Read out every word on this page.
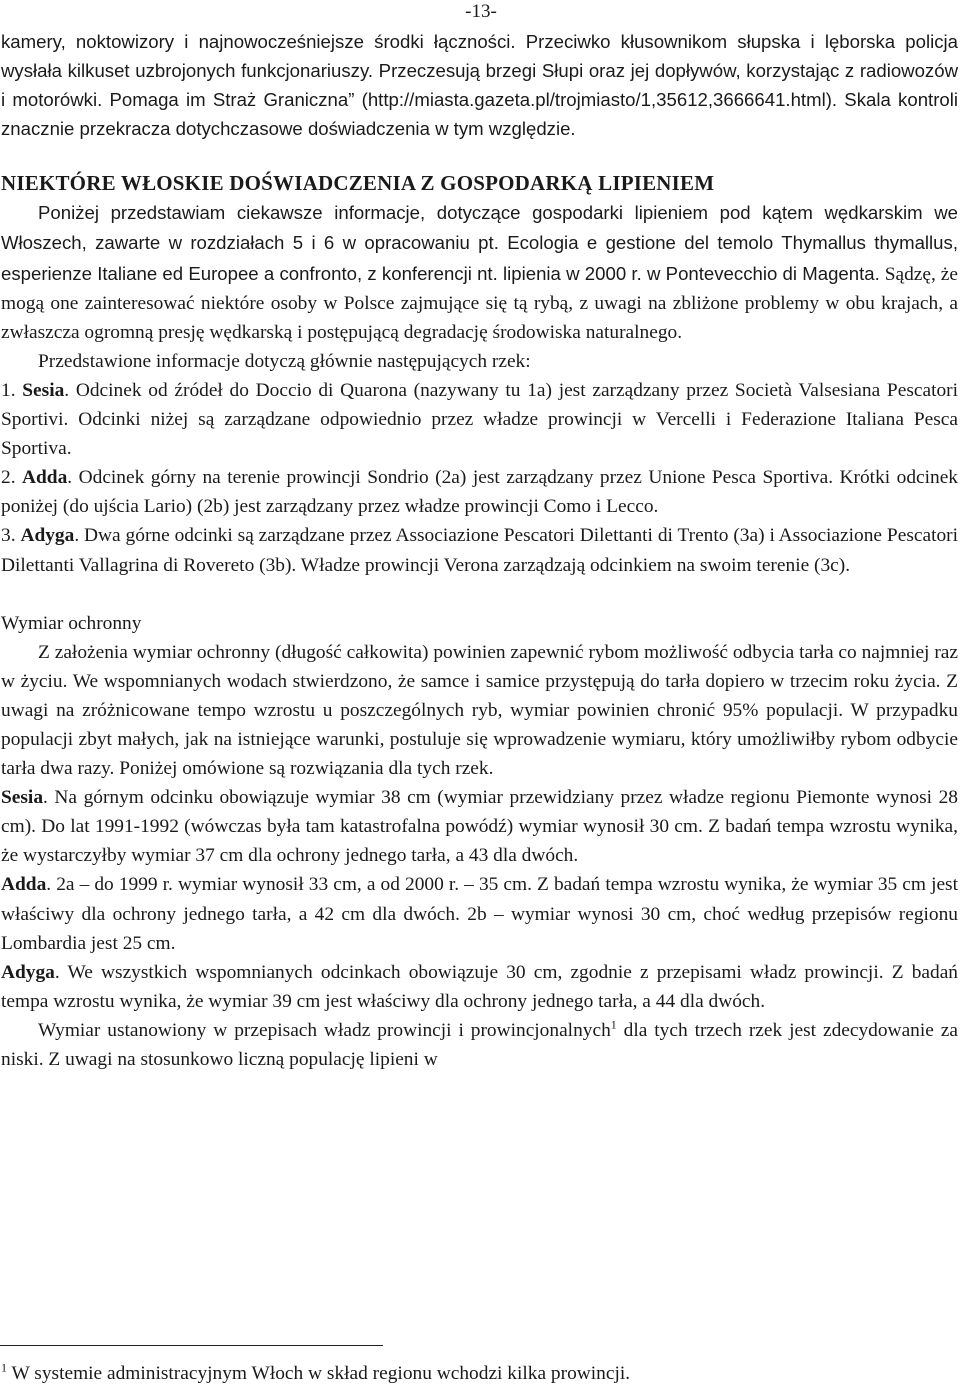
-13-

kamery, noktowizory i najnowocześniejsze środki łączności. Przeciwko kłusownikom słupska i lęborska policja wysłała kilkuset uzbrojonych funkcjonariuszy. Przeczesują brzegi Słupi oraz jej dopływów, korzystając z radiowozów i motorówki. Pomaga im Straż Graniczna” (http://miasta.gazeta.pl/trojmiasto/1,35612,3666641.html). Skala kontroli znacznie przekracza dotychczasowe doświadczenia w tym względzie.

NIEKTÓRE WŁOSKIE DOŚWIADCZENIA Z GOSPODARKĄ LIPIENIEM

Poniżej przedstawiam ciekawsze informacje, dotyczące gospodarki lipieniem pod kątem wędkarskim we Włoszech, zawarte w rozdziałach 5 i 6 w opracowaniu pt. Ecologia e gestione del temolo Thymallus thymallus, esperienze Italiane ed Europee a confronto, z konferencji nt. lipienia w 2000 r. w Pontevecchio di Magenta. Sądzę, że mogą one zainteresować niektóre osoby w Polsce zajmujące się tą rybą, z uwagi na zbliżone problemy w obu krajach, a zwłaszcza ogromną presję wędkarską i postępującą degradację środowiska naturalnego.

Przedstawione informacje dotyczą głównie następujących rzek:

1. Sesia. Odcinek od źródeł do Doccio di Quarona (nazywany tu 1a) jest zarządzany przez Società Valsesiana Pescatori Sportivi. Odcinki niżej są zarządzane odpowiednio przez władze prowincji w Vercelli i Federazione Italiana Pesca Sportiva.

2. Adda. Odcinek górny na terenie prowincji Sondrio (2a) jest zarządzany przez Unione Pesca Sportiva. Krótki odcinek poniżej (do ujścia Lario) (2b) jest zarządzany przez władze prowincji Como i Lecco.

3. Adyga. Dwa górne odcinki są zarządzane przez Associazione Pescatori Dilettanti di Trento (3a) i Associazione Pescatori Dilettanti Vallagrina di Rovereto (3b). Władze prowincji Verona zarządzają odcinkiem na swoim terenie (3c).

Wymiar ochronny

Z założenia wymiar ochronny (długość całkowita) powinien zapewnić rybom możliwość odbycia tarła co najmniej raz w życiu. We wspomnianych wodach stwierdzono, że samce i samice przystępują do tarła dopiero w trzecim roku życia. Z uwagi na zróżnicowane tempo wzrostu u poszczególnych ryb, wymiar powinien chronić 95% populacji. W przypadku populacji zbyt małych, jak na istniejące warunki, postuluje się wprowadzenie wymiaru, który umożliwiłby rybom odbycie tarła dwa razy. Poniżej omówione są rozwiązania dla tych rzek.

Sesia. Na górnym odcinku obowiązuje wymiar 38 cm (wymiar przewidziany przez władze regionu Piemonte wynosi 28 cm). Do lat 1991-1992 (wówczas była tam katastrofalna powódź) wymiar wynosił 30 cm. Z badań tempa wzrostu wynika, że wystarczyłby wymiar 37 cm dla ochrony jednego tarła, a 43 dla dwóch.

Adda. 2a – do 1999 r. wymiar wynosił 33 cm, a od 2000 r. – 35 cm. Z badań tempa wzrostu wynika, że wymiar 35 cm jest właściwy dla ochrony jednego tarła, a 42 cm dla dwóch. 2b – wymiar wynosi 30 cm, choć według przepisów regionu Lombardia jest 25 cm.

Adyga. We wszystkich wspomnianych odcinkach obowiązuje 30 cm, zgodnie z przepisami władz prowincji. Z badań tempa wzrostu wynika, że wymiar 39 cm jest właściwy dla ochrony jednego tarła, a 44 dla dwóch.

Wymiar ustanowiony w przepisach władz prowincji i prowincjonalnych$^1$ dla tych trzech rzek jest zdecydowanie za niski. Z uwagi na stosunkowo liczną populację lipieni w

$^1$ W systemie administracyjnym Włoch w skład regionu wchodzi kilka prowincji.
